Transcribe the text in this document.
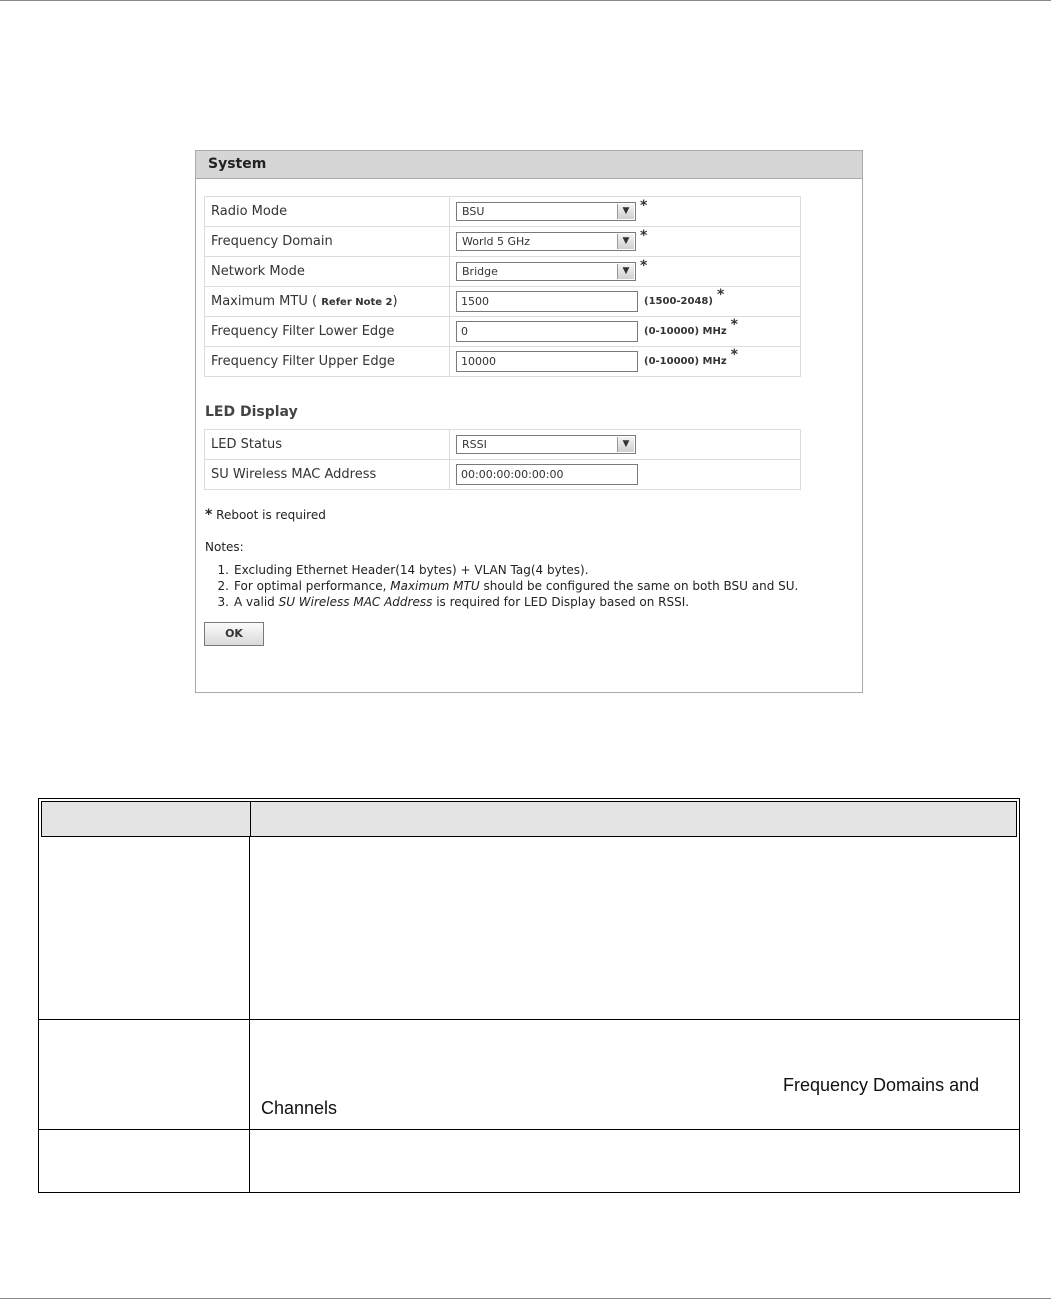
System
Radio Mode	BSU ▼ *
Frequency Domain	World 5 GHz ▼ *
Network Mode	Bridge ▼ *
Maximum MTU ( Refer Note 2)	1500 (1500-2048) *
Frequency Filter Lower Edge	0 (0-10000) MHz *
Frequency Filter Upper Edge	10000 (0-10000) MHz *
LED Display
LED Status	RSSI ▼

SU Wireless MAC Address	00:00:00:00:00:00
* Reboot is required
Notes:
1. Excluding Ethernet Header(14 bytes) + VLAN Tag(4 bytes).
2. For optimal performance, Maximum MTU should be configured the same on both BSU and SU.
3. A valid SU Wireless MAC Address is required for LED Display based on RSSI.
OK
Frequency Domains and
Channels
